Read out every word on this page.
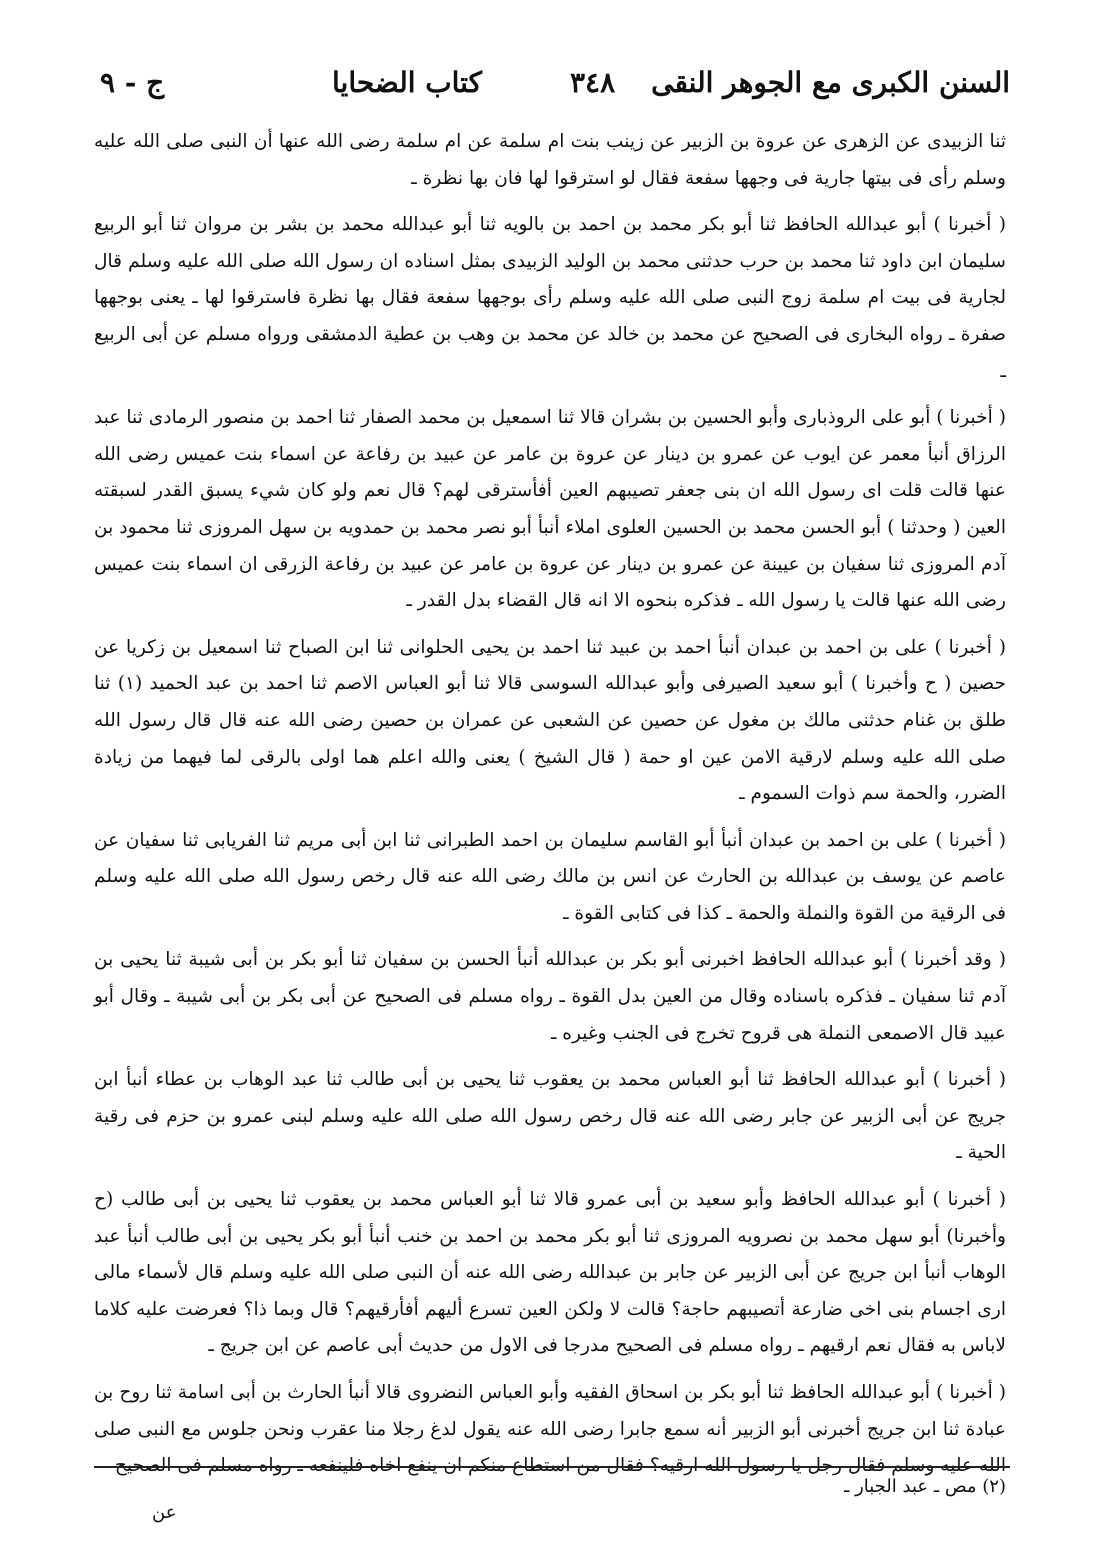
السنن الكبرى مع الجوهر النقى
٣٤٨
كتاب الضحايا
ج - ٩

ثنا الزبيدى عن الزهرى عن عروة بن الزبير عن زينب بنت ام سلمة عن ام سلمة رضى الله عنها أن النبى صلى الله عليه وسلم رأى فى بيتها جارية فى وجهها سفعة فقال لو استرقوا لها فان بها نظرة ـ

( أخبرنا ) أبو عبدالله الحافظ ثنا أبو بكر محمد بن احمد بن بالويه ثنا أبو عبدالله محمد بن بشر بن مروان ثنا أبو الربيع سليمان ابن داود ثنا محمد بن حرب حدثنى محمد بن الوليد الزبيدى بمثل اسناده ان رسول الله صلى الله عليه وسلم قال لجارية فى بيت ام سلمة زوج النبى صلى الله عليه وسلم رأى بوجهها سفعة فقال بها نظرة فاسترقوا لها ـ يعنى بوجهها صفرة ـ رواه البخارى فى الصحيح عن محمد بن خالد عن محمد بن وهب بن عطية الدمشقى ورواه مسلم عن أبى الربيع ـ

( أخبرنا ) أبو على الروذبارى وأبو الحسين بن بشران قالا ثنا اسمعيل بن محمد الصفار ثنا احمد بن منصور الرمادى ثنا عبد الرزاق أنبأ معمر عن ايوب عن عمرو بن دينار عن عروة بن عامر عن عبيد بن رفاعة عن اسماء بنت عميس رضى الله عنها قالت قلت اى رسول الله ان بنى جعفر تصيبهم العين أفأسترقى لهم؟ قال نعم ولو كان شيء يسبق القدر لسبقته العين ( وحدثنا ) أبو الحسن محمد بن الحسين العلوى املاء أنبأ أبو نصر محمد بن حمدويه بن سهل المروزى ثنا محمود بن آدم المروزى ثنا سفيان بن عيينة عن عمرو بن دينار عن عروة بن عامر عن عبيد بن رفاعة الزرقى ان اسماء بنت عميس رضى الله عنها قالت يا رسول الله ـ فذكره بنحوه الا انه قال القضاء بدل القدر ـ

( أخبرنا ) على بن احمد بن عبدان أنبأ احمد بن عبيد ثنا احمد بن يحيى الحلوانى ثنا ابن الصباح ثنا اسمعيل بن زكريا عن حصين ( ح وأخبرنا ) أبو سعيد الصيرفى وأبو عبدالله السوسى قالا ثنا أبو العباس الاصم ثنا احمد بن عبد الحميد (١) ثنا طلق بن غنام حدثنى مالك بن مغول عن حصين عن الشعبى عن عمران بن حصين رضى الله عنه قال قال رسول الله صلى الله عليه وسلم لارقية الامن عين او حمة ( قال الشيخ ) يعنى والله اعلم هما اولى بالرقى لما فيهما من زيادة الضرر، والحمة سم ذوات السموم ـ

( أخبرنا ) على بن احمد بن عبدان أنبأ أبو القاسم سليمان بن احمد الطبرانى ثنا ابن أبى مريم ثنا الفريابى ثنا سفيان عن عاصم عن يوسف بن عبدالله بن الحارث عن انس بن مالك رضى الله عنه قال رخص رسول الله صلى الله عليه وسلم فى الرقية من القوة والنملة والحمة ـ كذا فى كتابى القوة ـ

( وقد أخبرنا ) أبو عبدالله الحافظ اخبرنى أبو بكر بن عبدالله أنبأ الحسن بن سفيان ثنا أبو بكر بن أبى شيبة ثنا يحيى بن آدم ثنا سفيان ـ فذكره باسناده وقال من العين بدل القوة ـ رواه مسلم فى الصحيح عن أبى بكر بن أبى شيبة ـ وقال أبو عبيد قال الاصمعى النملة هى قروح تخرج فى الجنب وغيره ـ

( أخبرنا ) أبو عبدالله الحافظ ثنا أبو العباس محمد بن يعقوب ثنا يحيى بن أبى طالب ثنا عبد الوهاب بن عطاء أنبأ ابن جريج عن أبى الزبير عن جابر رضى الله عنه قال رخص رسول الله صلى الله عليه وسلم لبنى عمرو بن حزم فى رقية الحية ـ

( أخبرنا ) أبو عبدالله الحافظ وأبو سعيد بن أبى عمرو قالا ثنا أبو العباس محمد بن يعقوب ثنا يحيى بن أبى طالب (ح وأخبرنا) أبو سهل محمد بن نصرويه المروزى ثنا أبو بكر محمد بن احمد بن خنب أنبأ أبو بكر يحيى بن أبى طالب أنبأ عبد الوهاب أنبأ ابن جريج عن أبى الزبير عن جابر بن عبدالله رضى الله عنه أن النبى صلى الله عليه وسلم قال لأسماء مالى ارى اجسام بنى اخى ضارعة أتصيبهم حاجة؟ قالت لا ولكن العين تسرع أليهم أفأرقيهم؟ قال وبما ذا؟ فعرضت عليه كلاما لاباس به فقال نعم ارقيهم ـ رواه مسلم فى الصحيح مدرجا فى الاول من حديث أبى عاصم عن ابن جريج ـ

( أخبرنا ) أبو عبدالله الحافظ ثنا أبو بكر بن اسحاق الفقيه وأبو العباس النضروى قالا أنبأ الحارث بن أبى اسامة ثنا روح بن عبادة ثنا ابن جريج أخبرنى أبو الزبير أنه سمع جابرا رضى الله عنه يقول لدغ رجلا منا عقرب ونحن جلوس مع النبى صلى الله عليه وسلم فقال رجل يا رسول الله ارقيه؟ فقال من استطاع منكم ان ينفع اخاه فلينفعه ـ رواه مسلم فى الصحيح

(٢) مص ـ عبد الجبار ـ
عن
